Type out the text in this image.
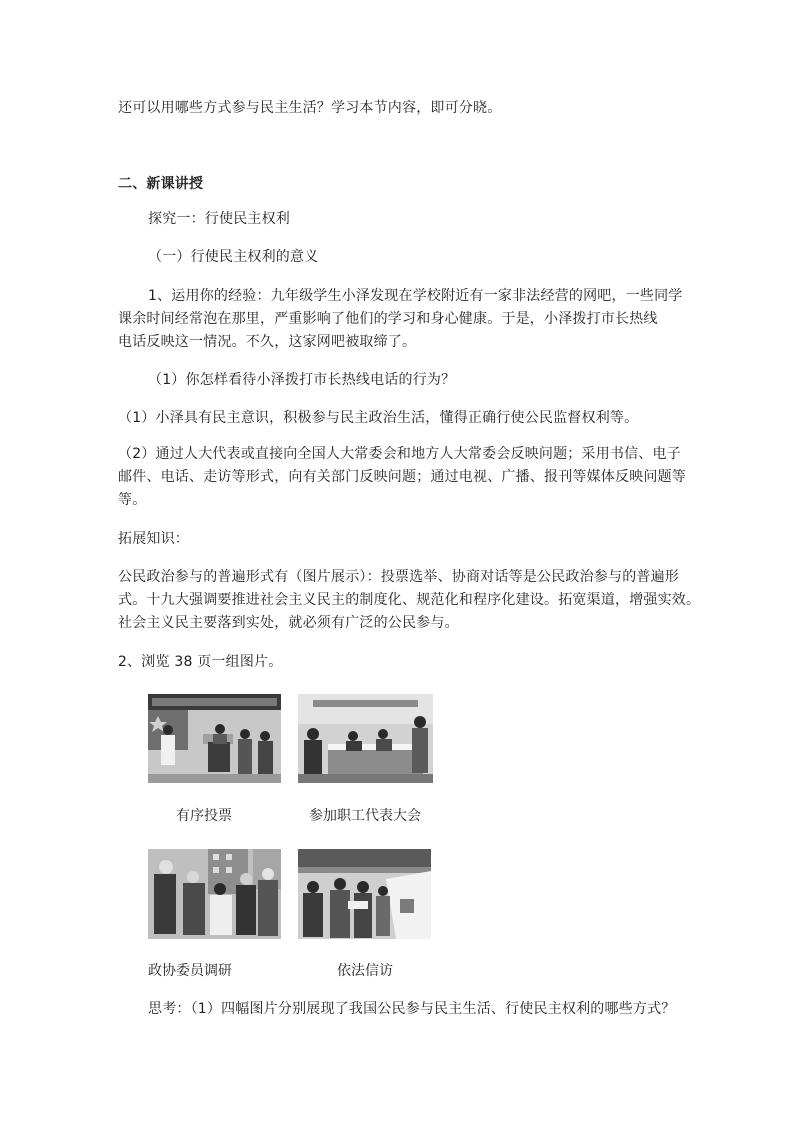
还可以用哪些方式参与民主生活？学习本节内容，即可分晓。
二、新课讲授
探究一：行使民主权利
（一）行使民主权利的意义
1、运用你的经验：九年级学生小泽发现在学校附近有一家非法经营的网吧，一些同学
课余时间经常泡在那里，严重影响了他们的学习和身心健康。于是，小泽拨打市长热线
电话反映这一情况。不久，这家网吧被取缔了。
（1）你怎样看待小泽拨打市长热线电话的行为？
（1）小泽具有民主意识，积极参与民主政治生活，懂得正确行使公民监督权利等。
（2）通过人大代表或直接向全国人大常委会和地方人大常委会反映问题；采用书信、电子
邮件、电话、走访等形式，向有关部门反映问题；通过电视、广播、报刊等媒体反映问题等
等。
拓展知识：
公民政治参与的普遍形式有（图片展示）：投票选举、协商对话等是公民政治参与的普遍形
式。十九大强调要推进社会主义民主的制度化、规范化和程序化建设。拓宽渠道，增强实效。
社会主义民主要落到实处，就必须有广泛的公民参与。
2、浏览 38 页一组图片。
有序投票	参加职工代表大会
政协委员调研	依法信访
思考：（1）四幅图片分别展现了我国公民参与民主生活、行使民主权利的哪些方式？
